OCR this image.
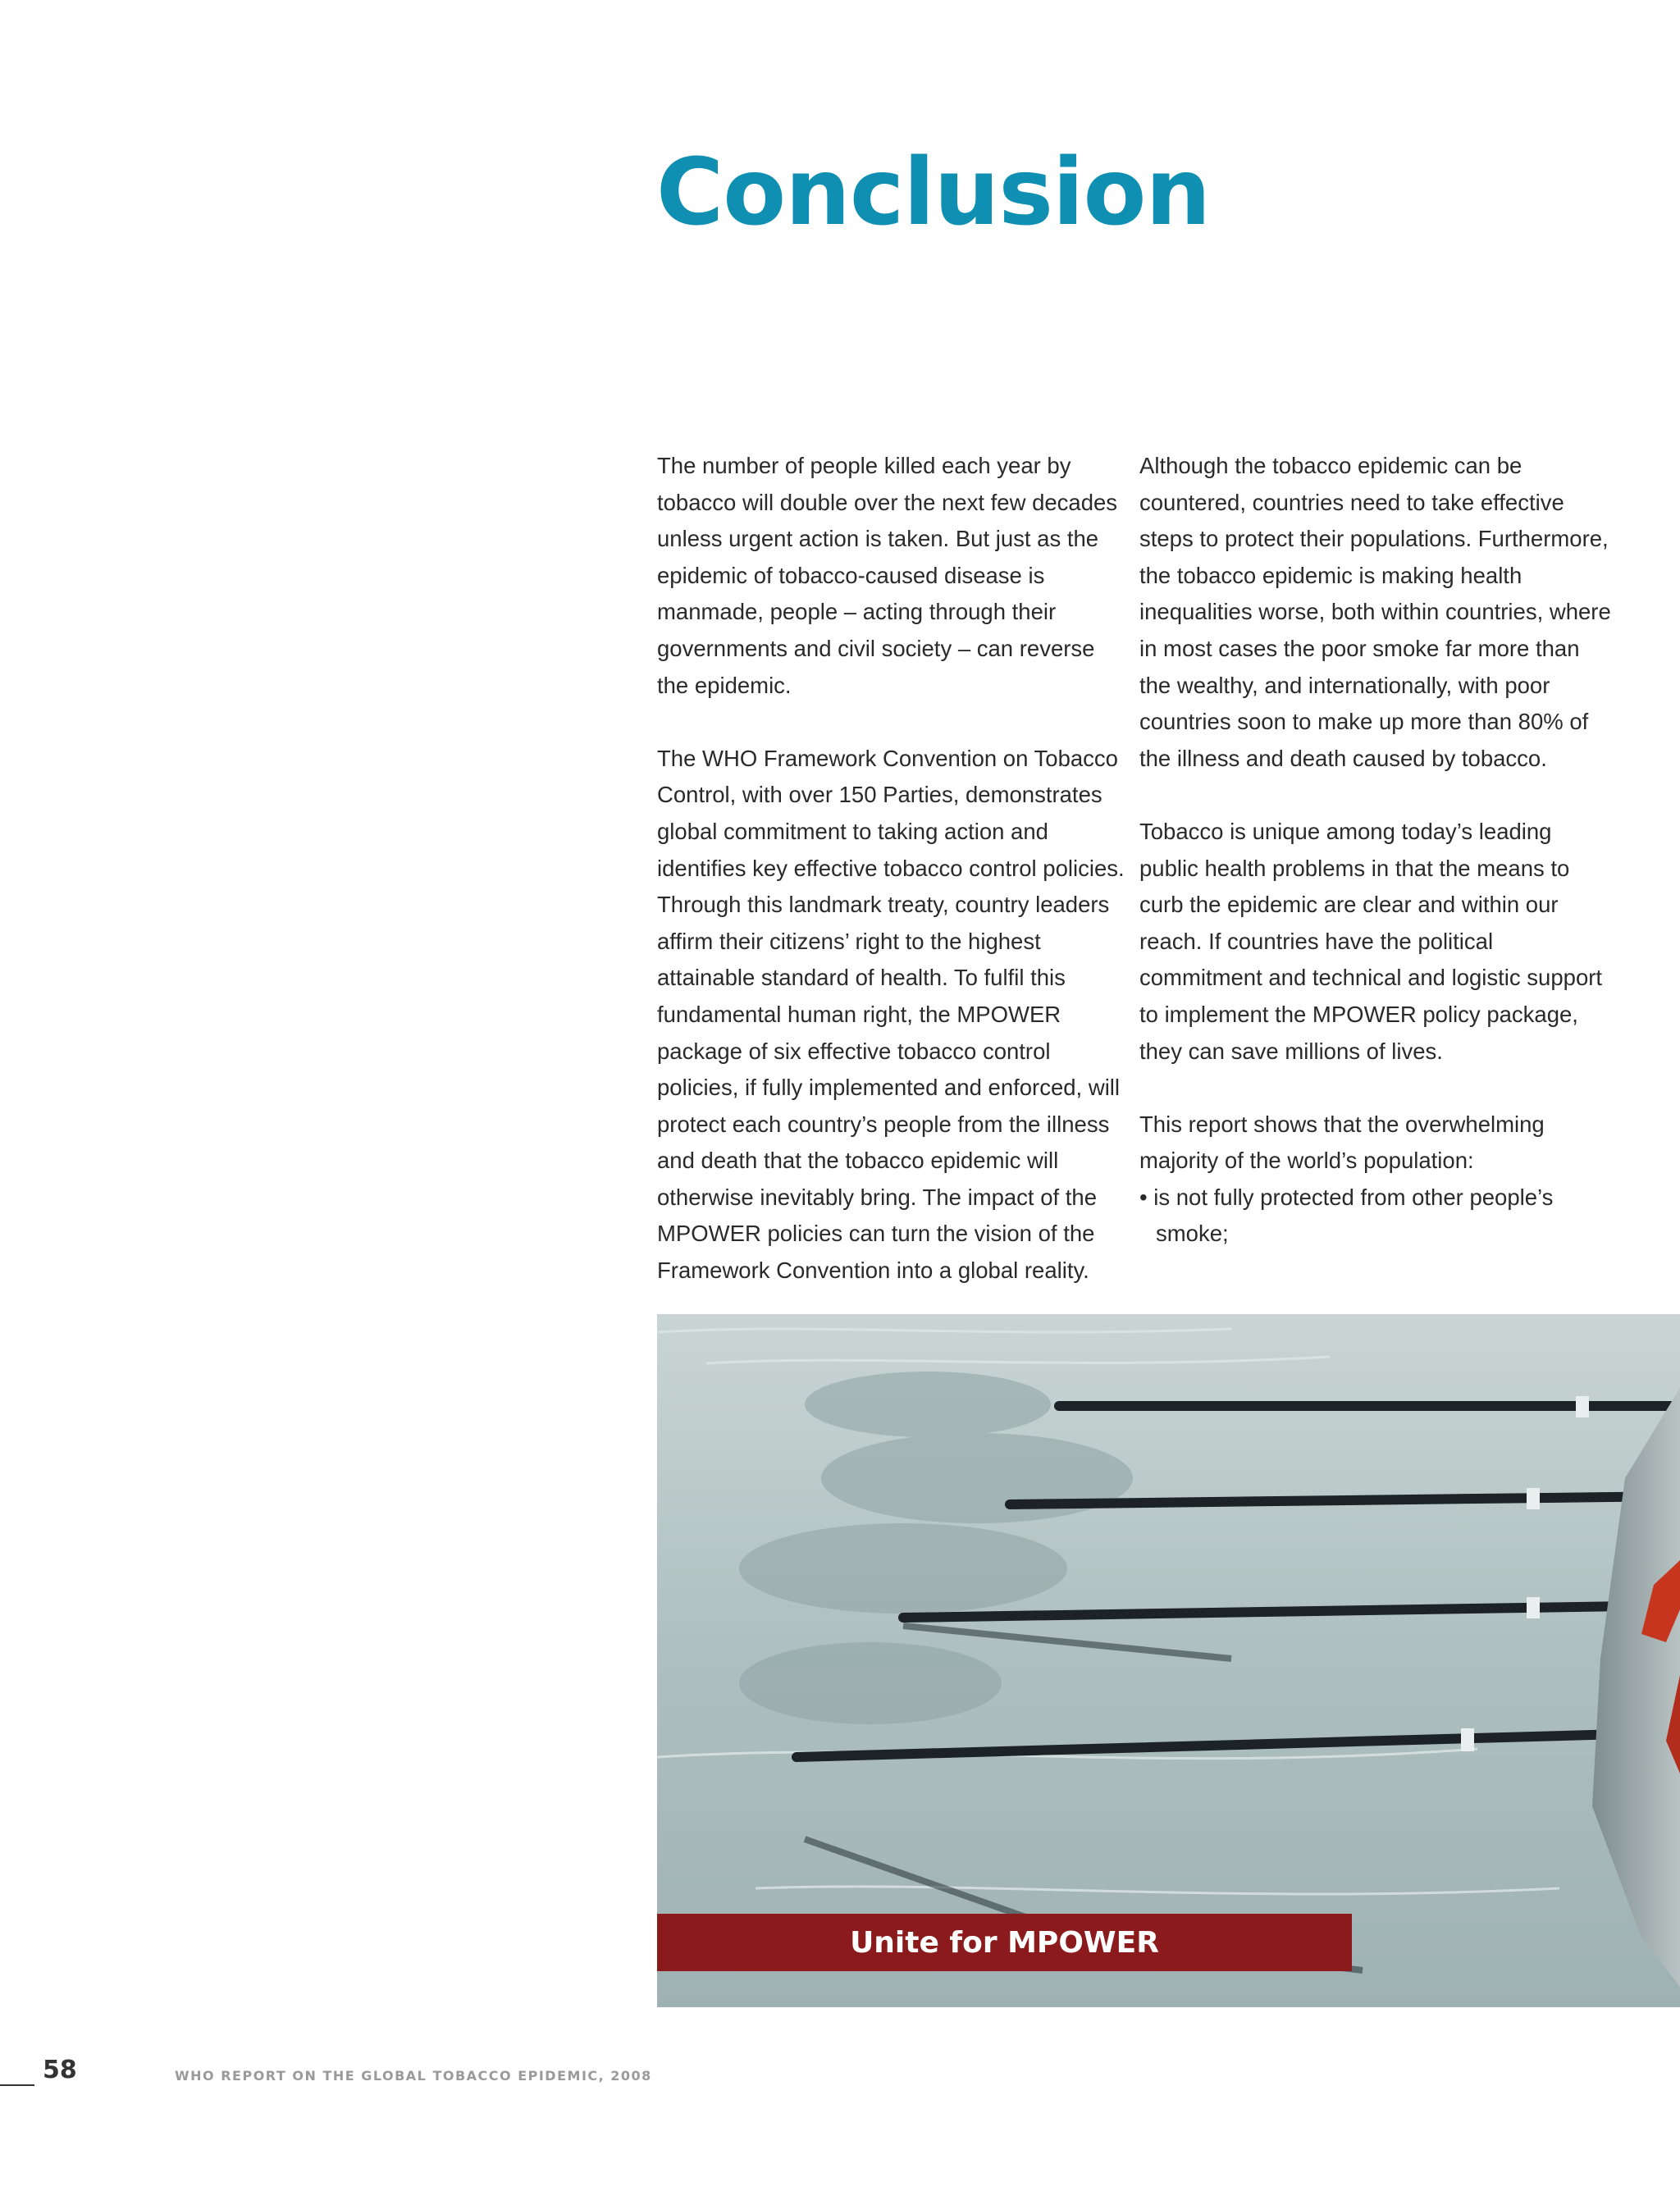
Conclusion

The number of people killed each year by tobacco will double over the next few decades unless urgent action is taken. But just as the epidemic of tobacco-caused disease is manmade, people – acting through their governments and civil society – can reverse the epidemic.

The WHO Framework Convention on Tobacco Control, with over 150 Parties, demonstrates global commitment to taking action and identifies key effective tobacco control policies. Through this landmark treaty, country leaders affirm their citizens’ right to the highest attainable standard of health. To fulfil this fundamental human right, the MPOWER package of six effective tobacco control policies, if fully implemented and enforced, will protect each country’s people from the illness and death that the tobacco epidemic will otherwise inevitably bring. The impact of the MPOWER policies can turn the vision of the Framework Convention into a global reality.

Although the tobacco epidemic can be countered, countries need to take effective steps to protect their populations. Furthermore, the tobacco epidemic is making health inequalities worse, both within countries, where in most cases the poor smoke far more than the wealthy, and internationally, with poor countries soon to make up more than 80% of the illness and death caused by tobacco.

Tobacco is unique among today’s leading public health problems in that the means to curb the epidemic are clear and within our reach. If countries have the political commitment and technical and logistic support to implement the MPOWER policy package, they can save millions of lives.

This report shows that the overwhelming majority of the world’s population:

• is not fully protected from other people’s smoke;
Unite for MPOWER
58	WHO REPORT ON THE GLOBAL TOBACCO EPIDEMIC, 2008
